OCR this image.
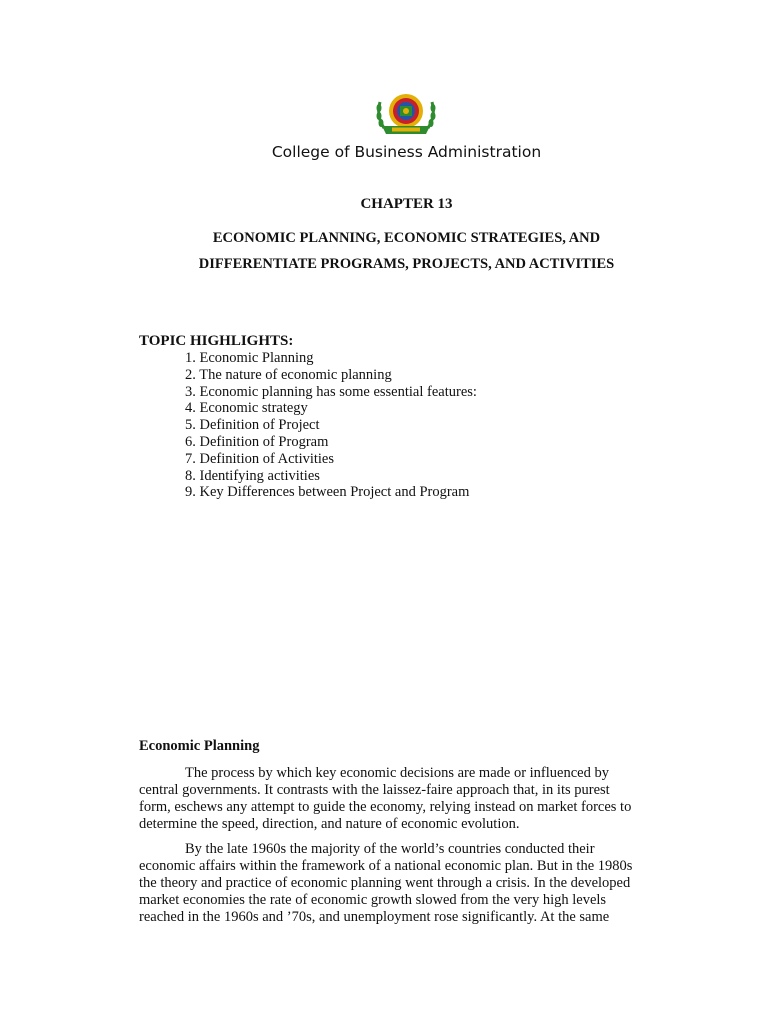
College of Business Administration
CHAPTER 13
ECONOMIC PLANNING, ECONOMIC STRATEGIES, AND
DIFFERENTIATE PROGRAMS, PROJECTS, AND ACTIVITIES
TOPIC HIGHLIGHTS:
1. Economic Planning
2. The nature of economic planning
3. Economic planning has some essential features:
4. Economic strategy
5. Definition of Project
6. Definition of Program
7. Definition of Activities
8. Identifying activities
9. Key Differences between Project and Program
Economic Planning

The process by which key economic decisions are made or influenced by
central governments. It contrasts with the laissez-faire approach that, in its purest
form, eschews any attempt to guide the economy, relying instead on market forces to
determine the speed, direction, and nature of economic evolution.

By the late 1960s the majority of the world’s countries conducted their
economic affairs within the framework of a national economic plan. But in the 1980s
the theory and practice of economic planning went through a crisis. In the developed
market economies the rate of economic growth slowed from the very high levels
reached in the 1960s and ’70s, and unemployment rose significantly. At the same
